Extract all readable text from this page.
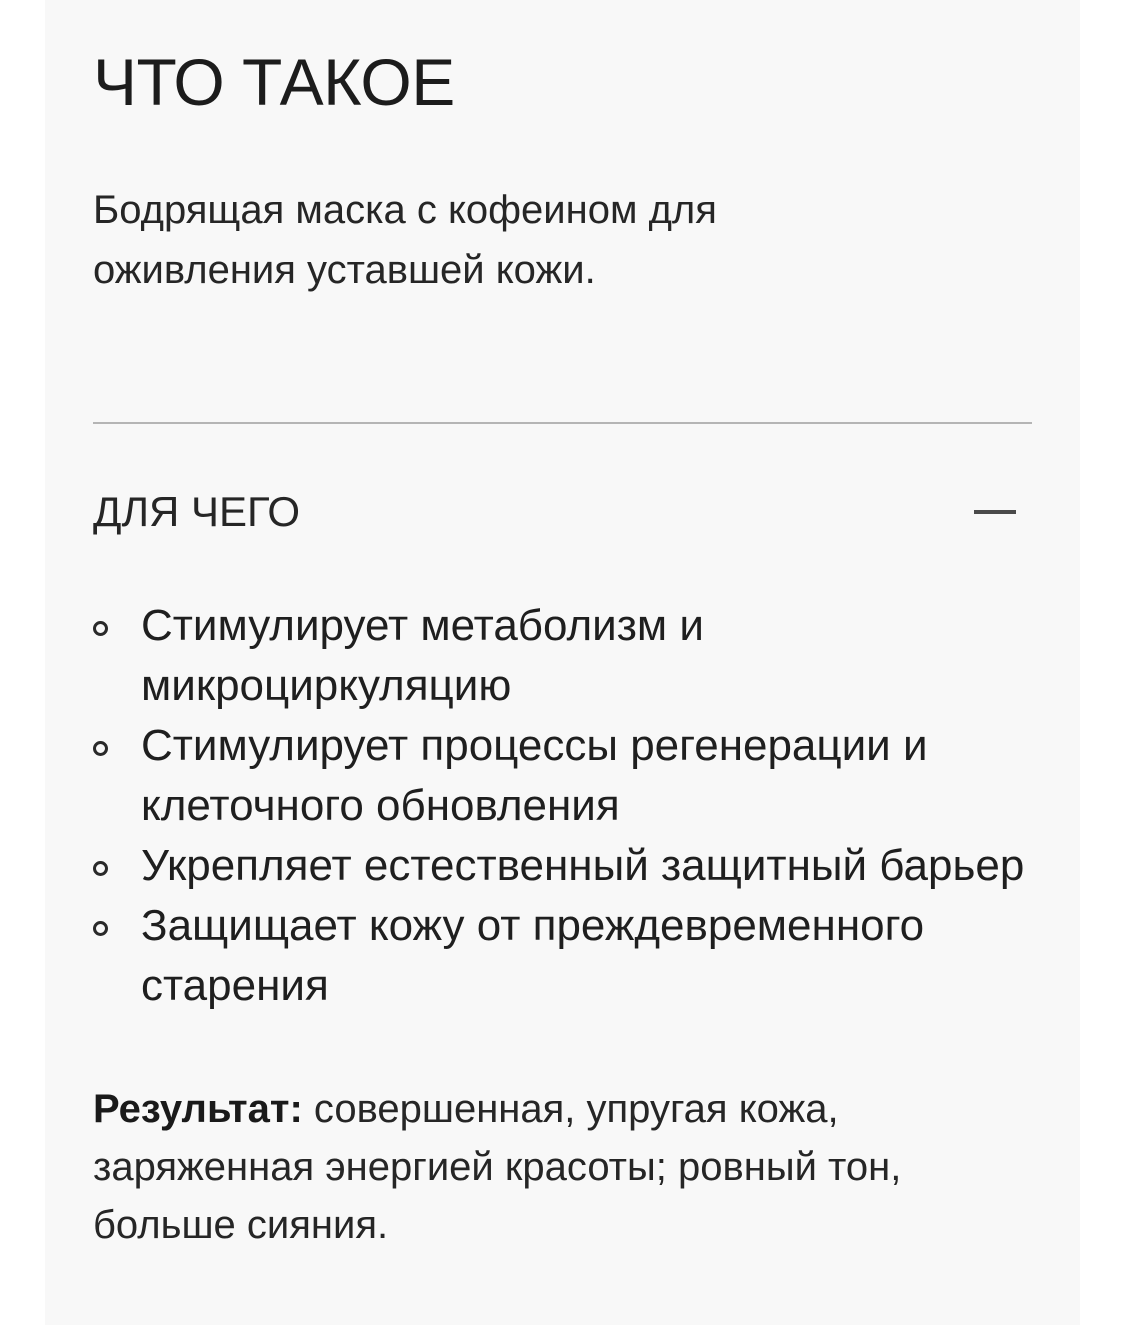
ЧТО ТАКОЕ

Бодрящая маска с кофеином для оживления уставшей кожи.

ДЛЯ ЧЕГО
Стимулирует метаболизм и микроциркуляцию
Стимулирует процессы регенерации и клеточного обновления
Укрепляет естественный защитный барьер
Защищает кожу от преждевременного старения

Результат: совершенная, упругая кожа, заряженная энергией красоты; ровный тон, больше сияния.
